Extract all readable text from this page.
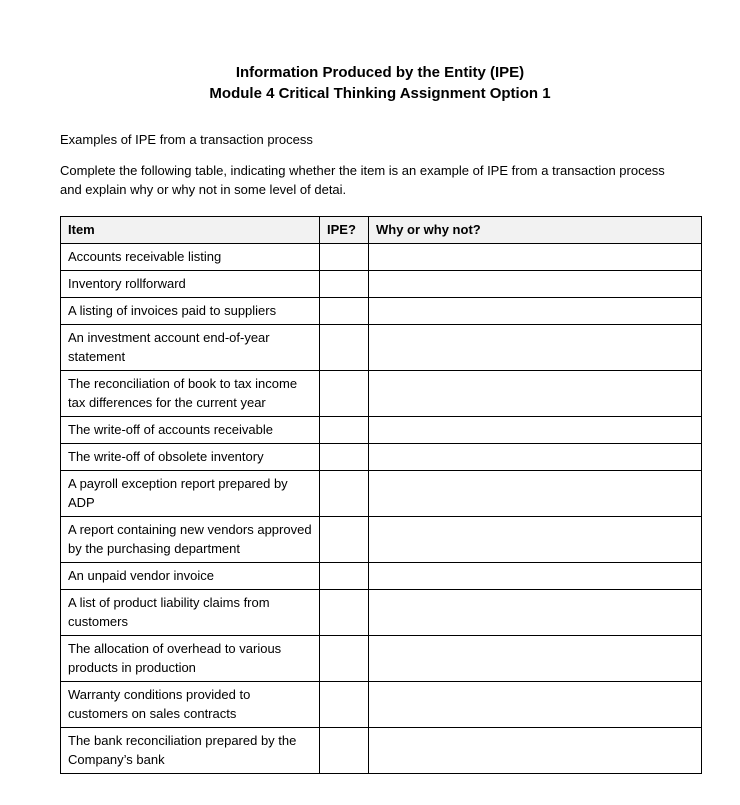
Information Produced by the Entity (IPE)
Module 4 Critical Thinking Assignment Option 1

Examples of IPE from a transaction process

Complete the following table, indicating whether the item is an example of IPE from a transaction process and explain why or why not in some level of detai.

Item	IPE?	Why or why not?
Accounts receivable listing		
Inventory rollforward		
A listing of invoices paid to suppliers		
An investment account end-of-year statement		
The reconciliation of book to tax income tax differences for the current year		
The write-off of accounts receivable		
The write-off of obsolete inventory		
A payroll exception report prepared by ADP		
A report containing new vendors approved by the purchasing department		
An unpaid vendor invoice		
A list of product liability claims from customers		
The allocation of overhead to various products in production		
Warranty conditions provided to customers on sales contracts		
The bank reconciliation prepared by the Company’s bank		
